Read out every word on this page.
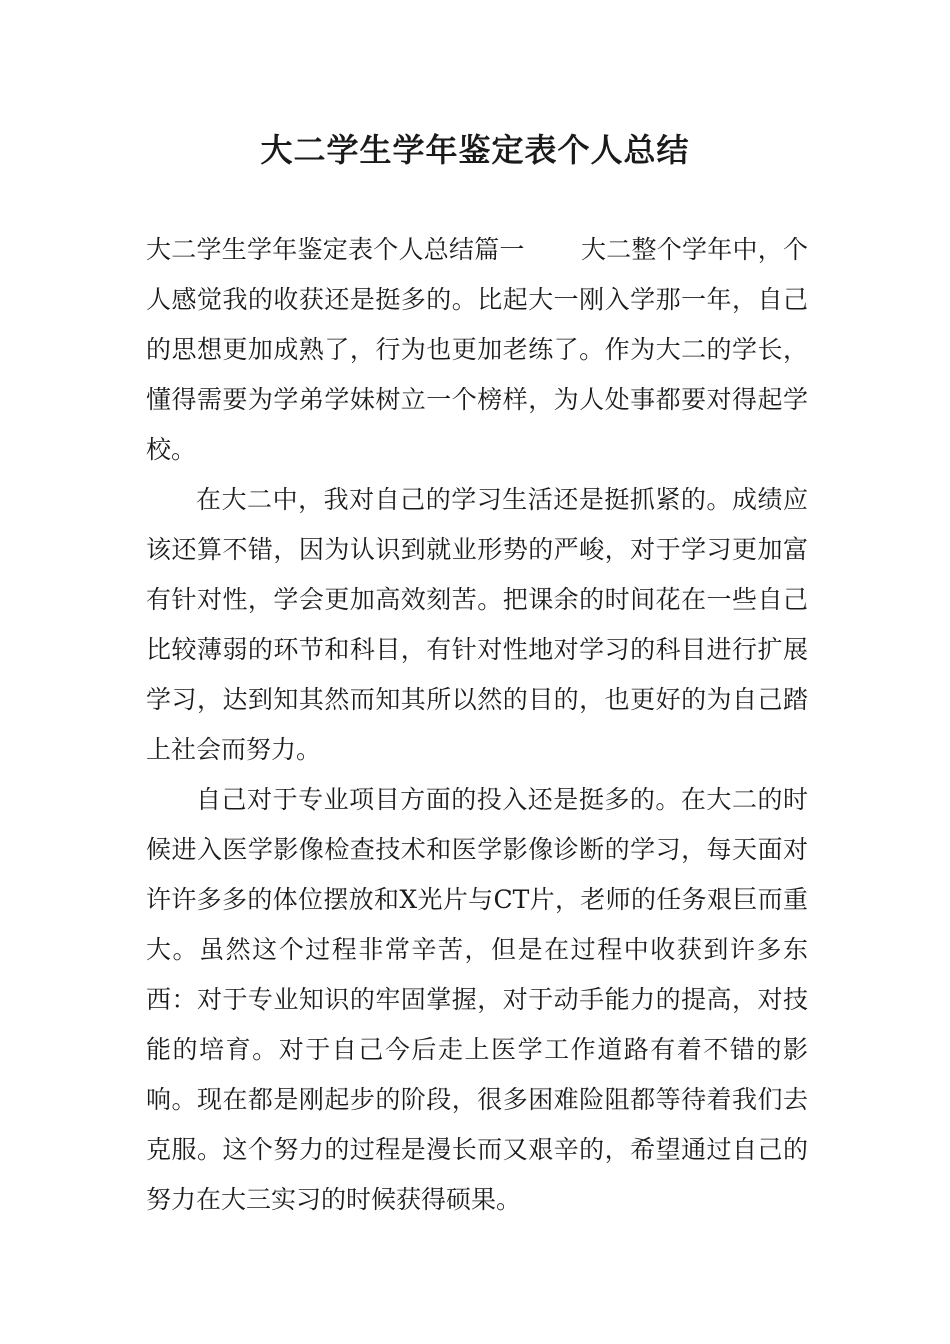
大二学生学年鉴定表个人总结

大二学生学年鉴定表个人总结篇一 大二整个学年中，个人感觉我的收获还是挺多的。比起大一刚入学那一年，自己的思想更加成熟了，行为也更加老练了。作为大二的学长，懂得需要为学弟学妹树立一个榜样，为人处事都要对得起学校。

在大二中，我对自己的学习生活还是挺抓紧的。成绩应该还算不错，因为认识到就业形势的严峻，对于学习更加富有针对性，学会更加高效刻苦。把课余的时间花在一些自己比较薄弱的环节和科目，有针对性地对学习的科目进行扩展学习，达到知其然而知其所以然的目的，也更好的为自己踏上社会而努力。

自己对于专业项目方面的投入还是挺多的。在大二的时候进入医学影像检查技术和医学影像诊断的学习，每天面对许许多多的体位摆放和X光片与CT片，老师的任务艰巨而重大。虽然这个过程非常辛苦，但是在过程中收获到许多东西：对于专业知识的牢固掌握，对于动手能力的提高，对技能的培育。对于自己今后走上医学工作道路有着不错的影响。现在都是刚起步的阶段，很多困难险阻都等待着我们去克服。这个努力的过程是漫长而又艰辛的，希望通过自己的努力在大三实习的时候获得硕果。
